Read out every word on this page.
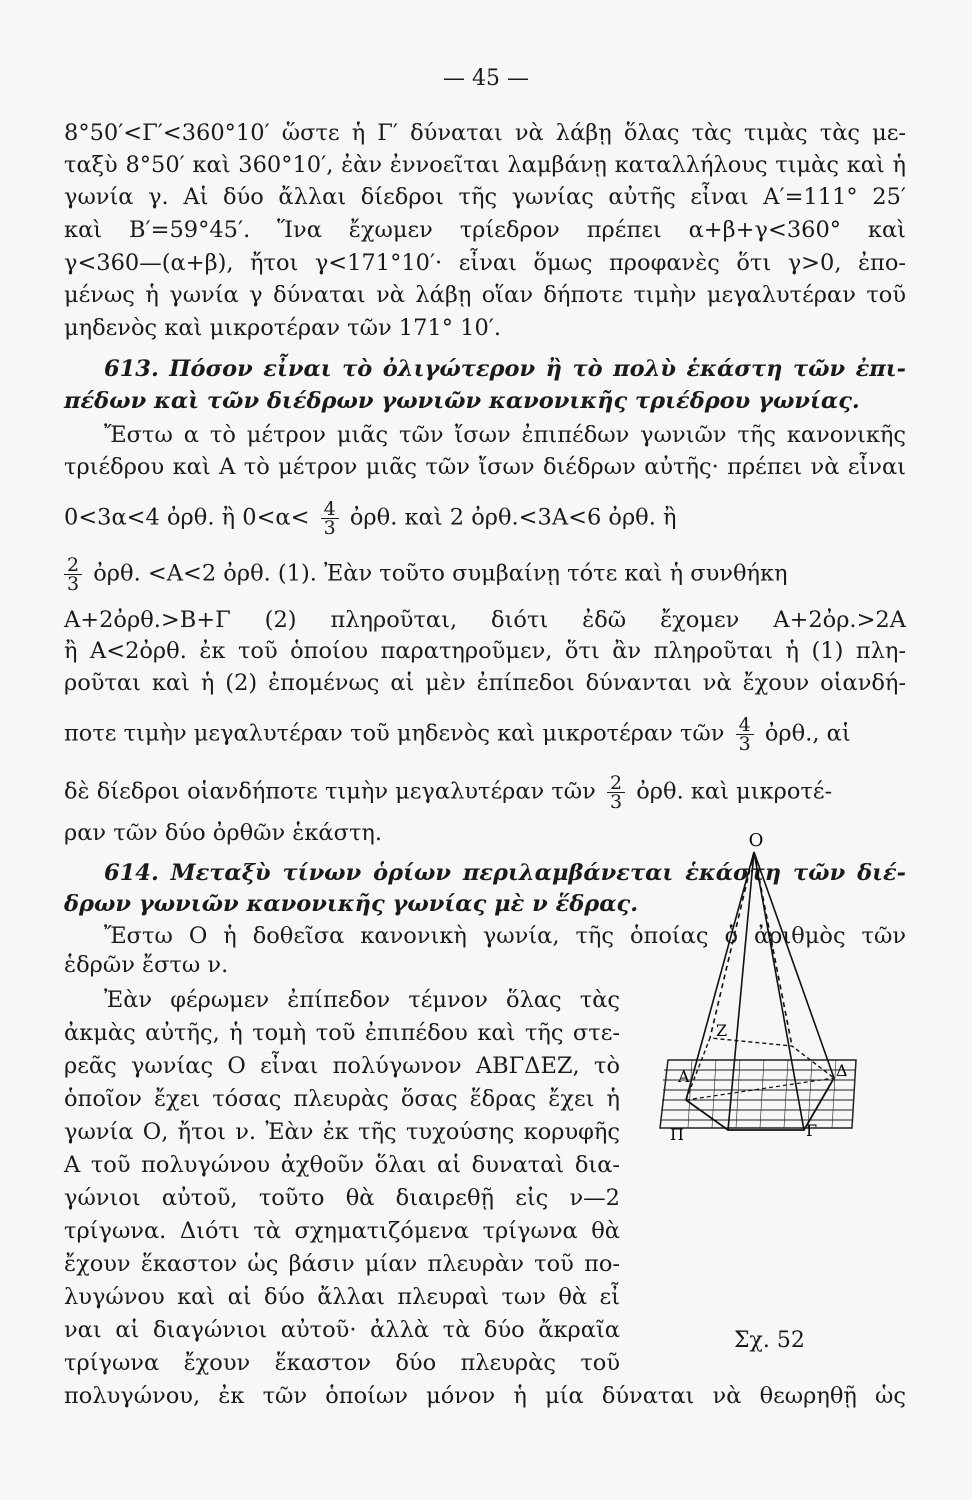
— 45 —
8°50′<Γ′<360°10′ ὥστε ἡ Γ′ δύναται νὰ λάβῃ ὅλας τὰς τιμὰς τὰς με-
ταξὺ 8°50′ καὶ 360°10′, ἐὰν ἐννοεῖται λαμβάνῃ καταλλήλους τιμὰς καὶ ἡ
γωνία γ. Αἱ δύο ἄλλαι δίεδροι τῆς γωνίας αὐτῆς εἶναι Α′=111° 25′
καὶ Β′=59°45′. Ἵνα ἔχωμεν τρίεδρον πρέπει α+β+γ<360° καὶ
γ<360—(α+β), ἤτοι γ<171°10′· εἶναι ὅμως προφανὲς ὅτι γ>0, ἐπο-
μένως ἡ γωνία γ δύναται νὰ λάβῃ οἵαν δήποτε τιμὴν μεγαλυτέραν τοῦ
μηδενὸς καὶ μικροτέραν τῶν 171° 10′.
613. Πόσον εἶναι τὸ ὀλιγώτερον ἢ τὸ πολὺ ἑκάστη τῶν ἐπι-
πέδων καὶ τῶν διέδρων γωνιῶν κανονικῆς τριέδρου γωνίας.
Ἔστω α τὸ μέτρον μιᾶς τῶν ἴσων ἐπιπέδων γωνιῶν τῆς κανονικῆς
τριέδρου καὶ Α τὸ μέτρον μιᾶς τῶν ἴσων διέδρων αὐτῆς· πρέπει νὰ εἶναι
0<3α<4 ὀρθ. ἢ $0<\alpha< \frac{4}{3}$ ὀρθ. καὶ 2 ὀρθ.<3Α<6 ὀρθ. ἢ
$\frac{2}{3}$ ὀρθ. <Α<2 ὀρθ. (1). Ἐὰν τοῦτο συμβαίνῃ τότε καὶ ἡ συνθήκη
Α+2ὀρθ.>Β+Γ (2) πληροῦται, διότι ἐδῶ ἔχομεν Α+2ὀρ.>2Α
ἢ Α<2ὀρθ. ἐκ τοῦ ὁποίου παρατηροῦμεν, ὅτι ἂν πληροῦται ἡ (1) πλη-
ροῦται καὶ ἡ (2) ἐπομένως αἱ μὲν ἐπίπεδοι δύνανται νὰ ἔχουν οἱανδή-
ποτε τιμὴν μεγαλυτέραν τοῦ μηδενὸς καὶ μικροτέραν τῶν $\frac{4}{3}$ ὀρθ., αἱ
δὲ δίεδροι οἱανδήποτε τιμὴν μεγαλυτέραν τῶν $\frac{2}{3}$ ὀρθ. καὶ μικροτέ-
ραν τῶν δύο ὀρθῶν ἑκάστη.
614. Μεταξὺ τίνων ὁρίων περιλαμβάνεται ἑκάστη τῶν διέ-
δρων γωνιῶν κανονικῆς γωνίας μὲ ν ἕδρας.
Ἔστω Ο ἡ δοθεῖσα κανονικὴ γωνία, τῆς ὁποίας ὁ ἀριθμὸς τῶν
ἑδρῶν ἔστω ν.
Ἐὰν φέρωμεν ἐπίπεδον τέμνον ὅλας τὰς
ἀκμὰς αὐτῆς, ἡ τομὴ τοῦ ἐπιπέδου καὶ τῆς στε-
ρεᾶς γωνίας Ο εἶναι πολύγωνον ΑΒΓΔΕΖ, τὸ
ὁποῖον ἔχει τόσας πλευρὰς ὅσας ἕδρας ἔχει ἡ
γωνία Ο, ἤτοι ν. Ἐὰν ἐκ τῆς τυχούσης κορυφῆς
Α τοῦ πολυγώνου ἀχθοῦν ὅλαι αἱ δυναταὶ δια-
γώνιοι αὐτοῦ, τοῦτο θὰ διαιρεθῇ εἰς ν—2
τρίγωνα. Διότι τὰ σχηματιζόμενα τρίγωνα θὰ
ἔχουν ἕκαστον ὡς βάσιν μίαν πλευρὰν τοῦ πο-
λυγώνου καὶ αἱ δύο ἄλλαι πλευραὶ των θὰ εἶ
ναι αἱ διαγώνιοι αὐτοῦ· ἀλλὰ τὰ δύο ἄκραῖα
τρίγωνα ἔχουν ἕκαστον δύο πλευρὰς τοῦ
πολυγώνου, ἐκ τῶν ὁποίων μόνον ἡ μία δύναται νὰ θεωρηθῇ ὡς
O
Z
A	Δ
Π	Γ
Σχ. 52
